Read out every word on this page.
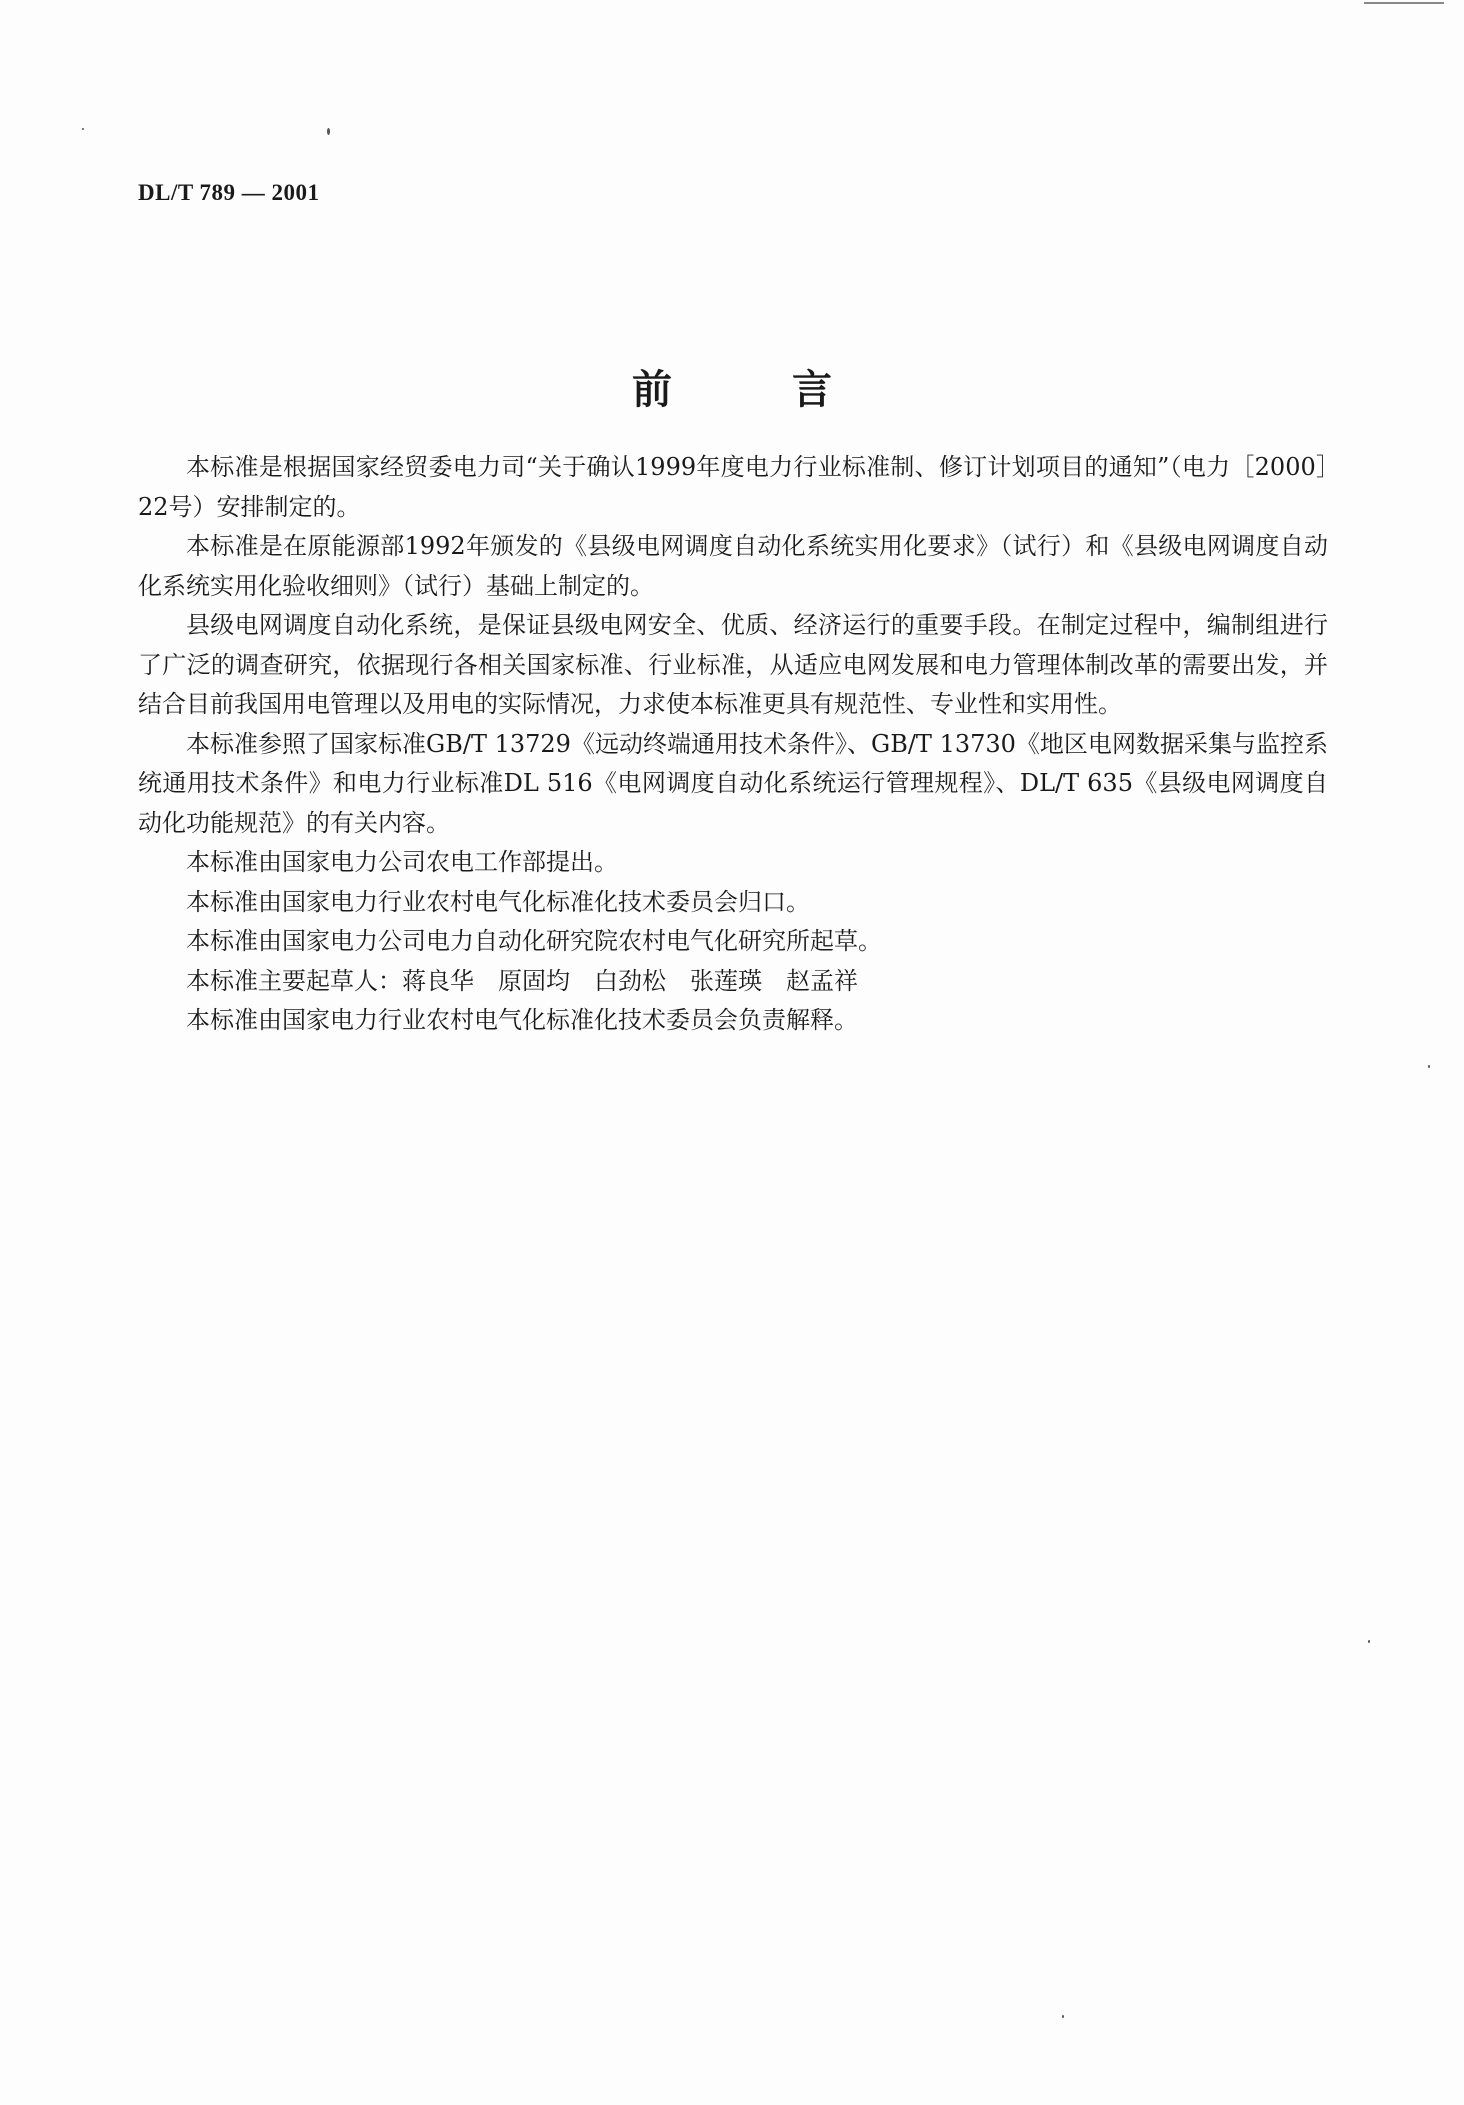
DL/T 789 — 2001
前言

本标准是根据国家经贸委电力司“关于确认1999年度电力行业标准制、修订计划项目的通知”（电力［2000］22号）安排制定的。

本标准是在原能源部1992年颁发的《县级电网调度自动化系统实用化要求》（试行）和《县级电网调度自动化系统实用化验收细则》（试行）基础上制定的。

县级电网调度自动化系统，是保证县级电网安全、优质、经济运行的重要手段。在制定过程中，编制组进行了广泛的调查研究，依据现行各相关国家标准、行业标准，从适应电网发展和电力管理体制改革的需要出发，并结合目前我国用电管理以及用电的实际情况，力求使本标准更具有规范性、专业性和实用性。

本标准参照了国家标准GB/T 13729《远动终端通用技术条件》、GB/T 13730《地区电网数据采集与监控系统通用技术条件》和电力行业标准DL 516《电网调度自动化系统运行管理规程》、DL/T 635《县级电网调度自动化功能规范》的有关内容。

本标准由国家电力公司农电工作部提出。

本标准由国家电力行业农村电气化标准化技术委员会归口。

本标准由国家电力公司电力自动化研究院农村电气化研究所起草。

本标准主要起草人：蒋良华　原固均　白劲松　张莲瑛　赵孟祥

本标准由国家电力行业农村电气化标准化技术委员会负责解释。
